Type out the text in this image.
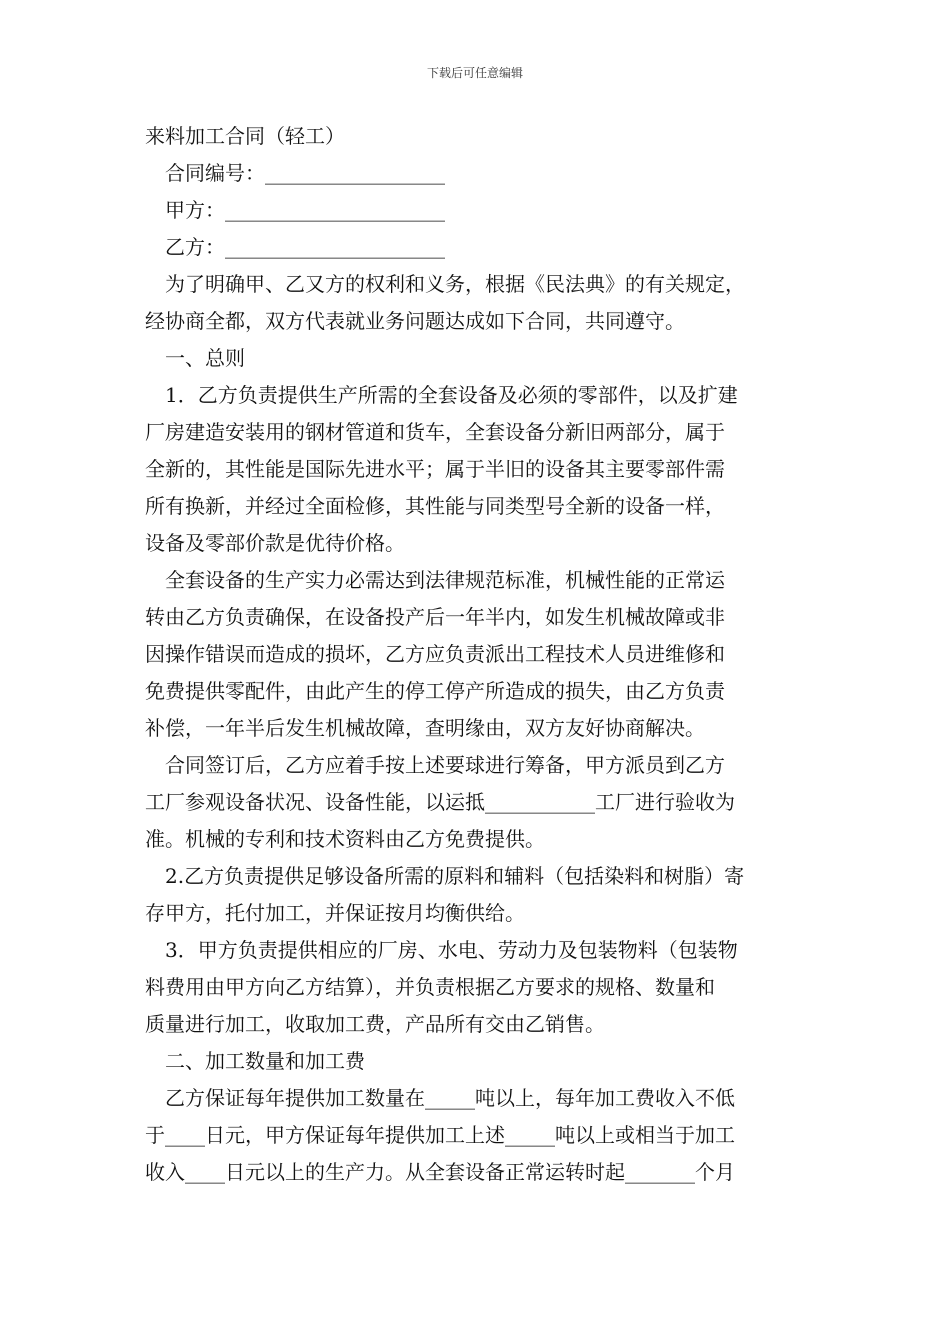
下载后可任意编辑
来料加工合同（轻工）
合同编号：__________________
甲方：______________________
乙方：______________________
为了明确甲、乙又方的权利和义务，根据《民法典》的有关规定，
经协商全都，双方代表就业务问题达成如下合同，共同遵守。
一、总则
1．乙方负责提供生产所需的全套设备及必须的零部件，以及扩建
厂房建造安装用的钢材管道和货车，全套设备分新旧两部分，属于
全新的，其性能是国际先进水平；属于半旧的设备其主要零部件需
所有换新，并经过全面检修，其性能与同类型号全新的设备一样，
设备及零部价款是优待价格。
全套设备的生产实力必需达到法律规范标准，机械性能的正常运
转由乙方负责确保，在设备投产后一年半内，如发生机械故障或非
因操作错误而造成的损坏，乙方应负责派出工程技术人员进维修和
免费提供零配件，由此产生的停工停产所造成的损失，由乙方负责
补偿，一年半后发生机械故障，查明缘由，双方友好协商解决。
合同签订后，乙方应着手按上述要球进行筹备，甲方派员到乙方
工厂参观设备状况、设备性能，以运抵___________工厂进行验收为
准。机械的专利和技术资料由乙方免费提供。
2.乙方负责提供足够设备所需的原料和辅料（包括染料和树脂）寄
存甲方，托付加工，并保证按月均衡供给。
3．甲方负责提供相应的厂房、水电、劳动力及包装物料（包装物
料费用由甲方向乙方结算），并负责根据乙方要求的规格、数量和
质量进行加工，收取加工费，产品所有交由乙销售。
二、加工数量和加工费
乙方保证每年提供加工数量在_____吨以上，每年加工费收入不低
于____日元，甲方保证每年提供加工上述_____吨以上或相当于加工
收入____日元以上的生产力。从全套设备正常运转时起_______个月
